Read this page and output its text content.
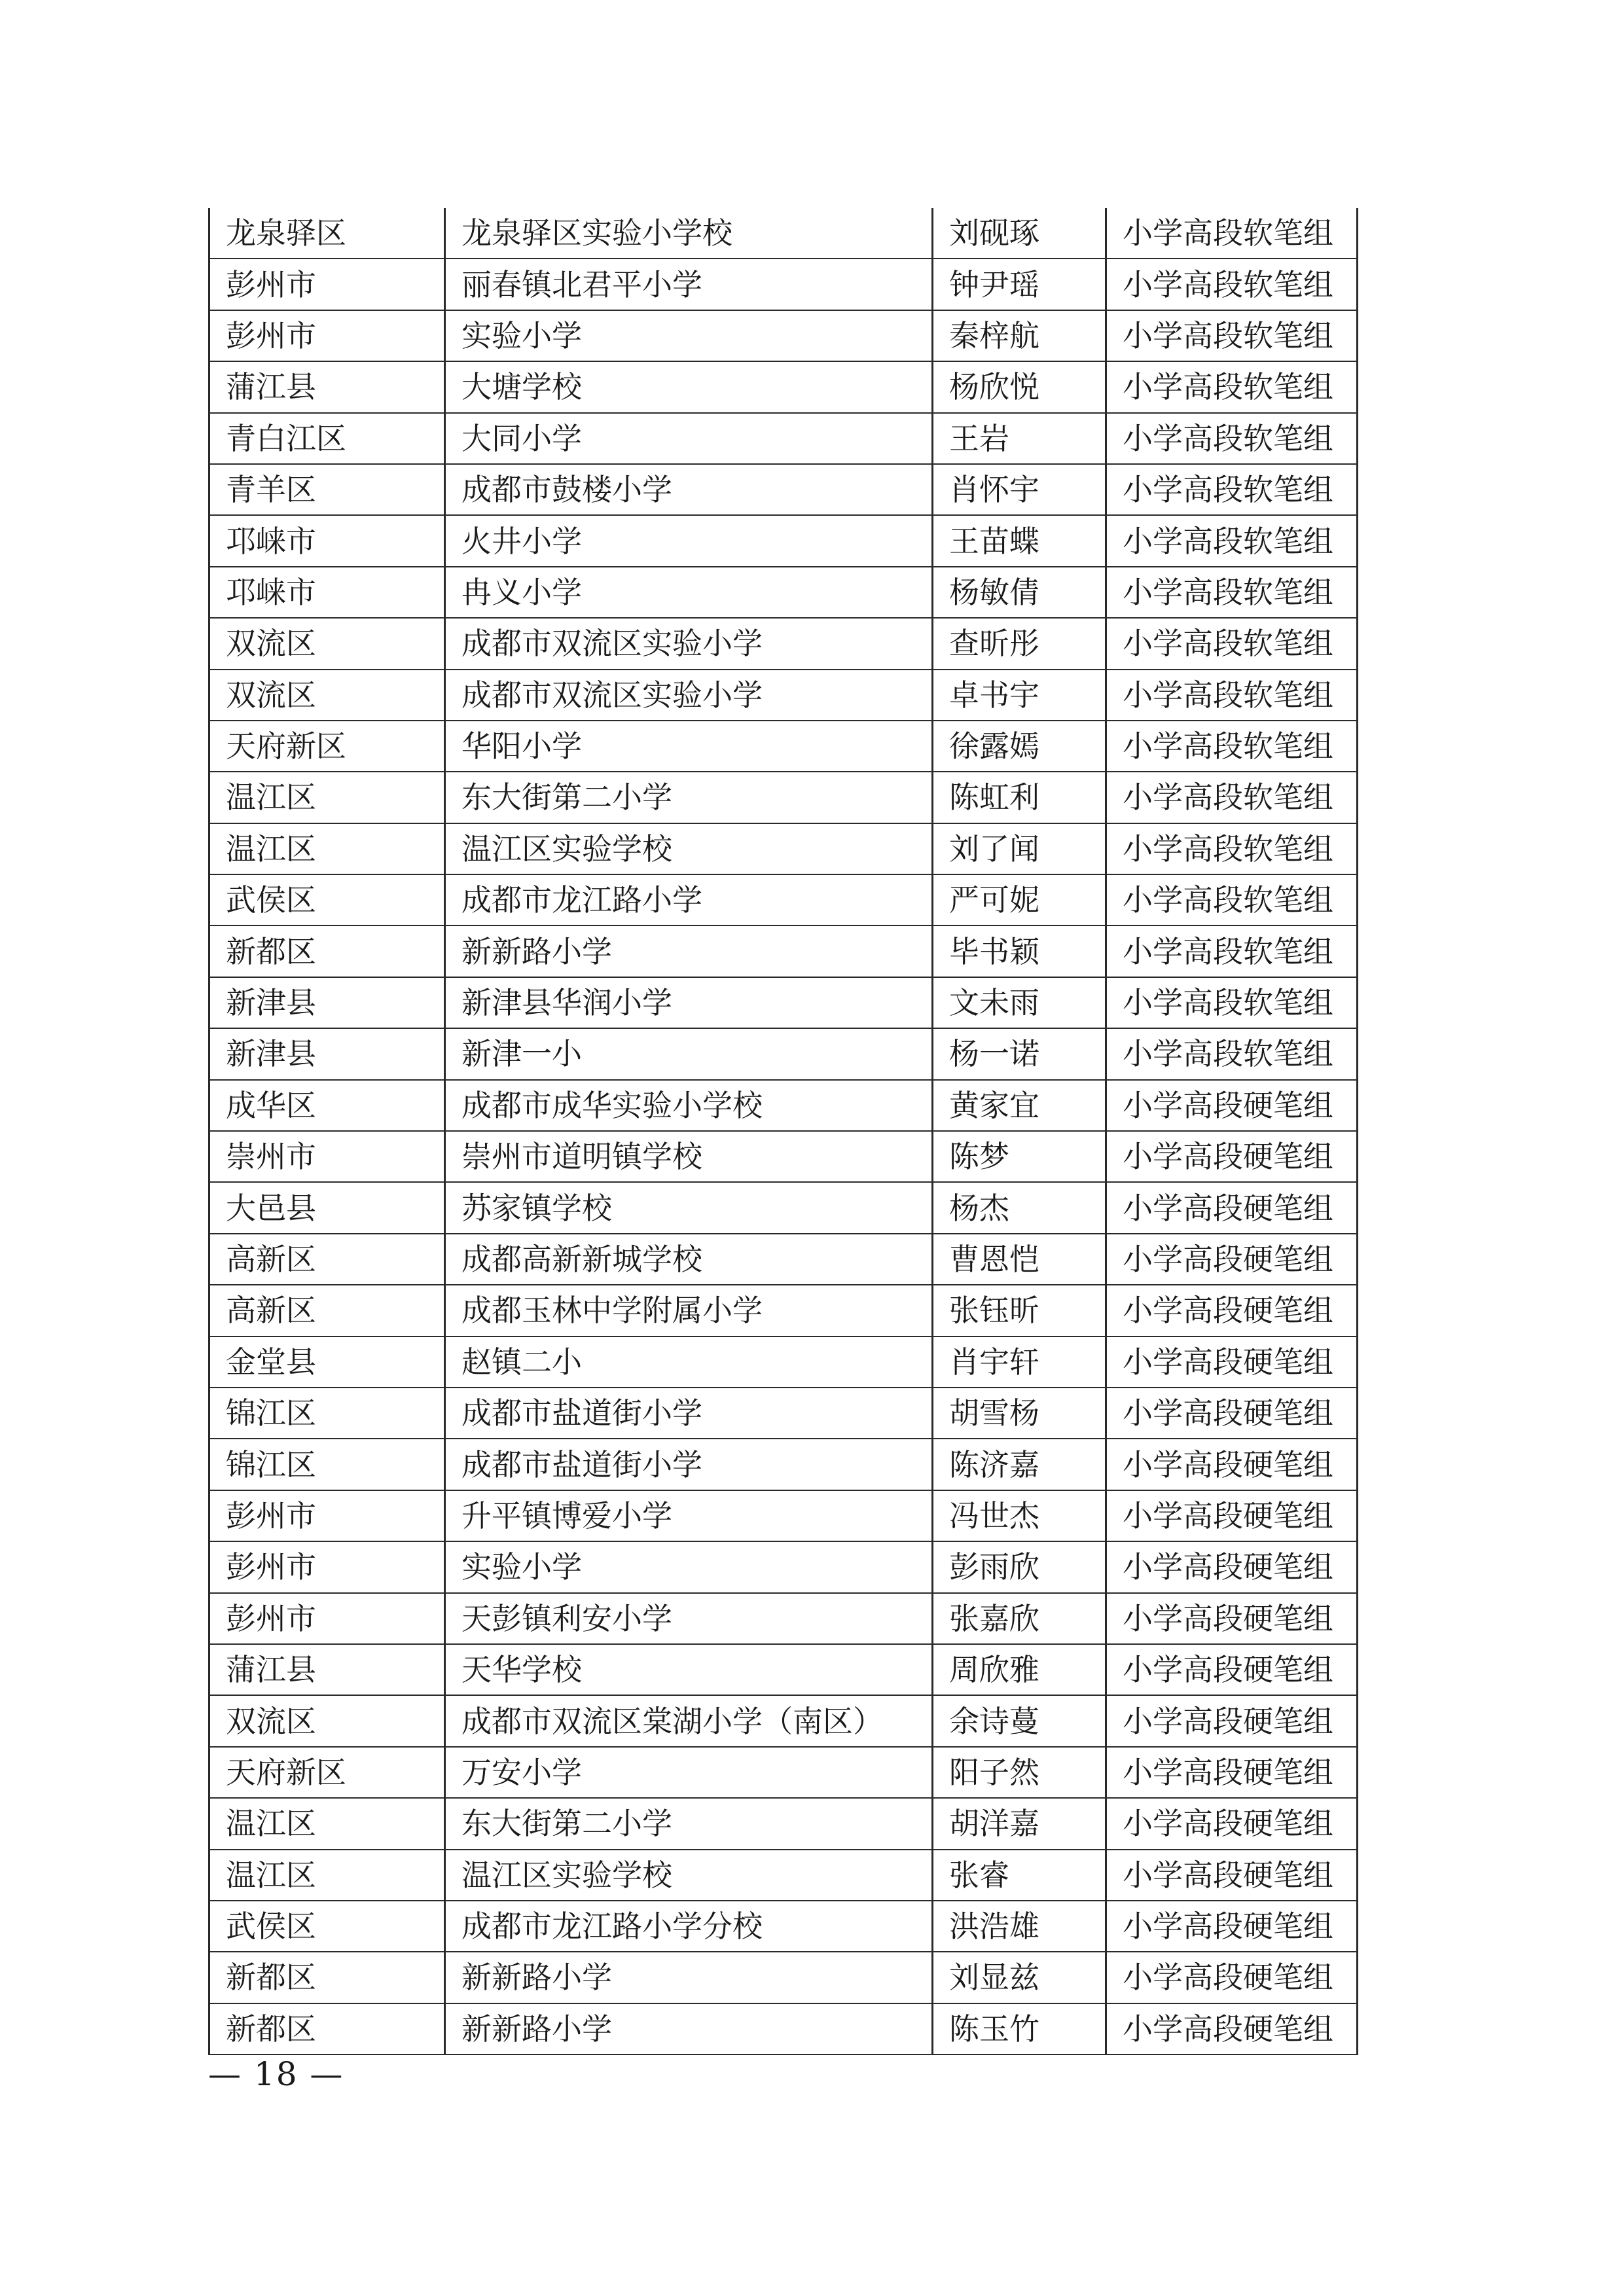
龙泉驿区	龙泉驿区实验小学校	刘砚琢	小学高段软笔组
彭州市	丽春镇北君平小学	钟尹瑶	小学高段软笔组
彭州市	实验小学	秦梓航	小学高段软笔组
蒲江县	大塘学校	杨欣悦	小学高段软笔组
青白江区	大同小学	王岩	小学高段软笔组
青羊区	成都市鼓楼小学	肖怀宇	小学高段软笔组
邛崃市	火井小学	王苗蝶	小学高段软笔组
邛崃市	冉义小学	杨敏倩	小学高段软笔组
双流区	成都市双流区实验小学	查昕彤	小学高段软笔组
双流区	成都市双流区实验小学	卓书宇	小学高段软笔组
天府新区	华阳小学	徐露嫣	小学高段软笔组
温江区	东大街第二小学	陈虹利	小学高段软笔组
温江区	温江区实验学校	刘了闻	小学高段软笔组
武侯区	成都市龙江路小学	严可妮	小学高段软笔组
新都区	新新路小学	毕书颖	小学高段软笔组
新津县	新津县华润小学	文未雨	小学高段软笔组
新津县	新津一小	杨一诺	小学高段软笔组
成华区	成都市成华实验小学校	黄家宜	小学高段硬笔组
崇州市	崇州市道明镇学校	陈梦	小学高段硬笔组
大邑县	苏家镇学校	杨杰	小学高段硬笔组
高新区	成都高新新城学校	曹恩恺	小学高段硬笔组
高新区	成都玉林中学附属小学	张钰昕	小学高段硬笔组
金堂县	赵镇二小	肖宇轩	小学高段硬笔组
锦江区	成都市盐道街小学	胡雪杨	小学高段硬笔组
锦江区	成都市盐道街小学	陈济嘉	小学高段硬笔组
彭州市	升平镇博爱小学	冯世杰	小学高段硬笔组
彭州市	实验小学	彭雨欣	小学高段硬笔组
彭州市	天彭镇利安小学	张嘉欣	小学高段硬笔组
蒲江县	天华学校	周欣雅	小学高段硬笔组
双流区	成都市双流区棠湖小学（南区）	余诗蔓	小学高段硬笔组
天府新区	万安小学	阳子然	小学高段硬笔组
温江区	东大街第二小学	胡洋嘉	小学高段硬笔组
温江区	温江区实验学校	张睿	小学高段硬笔组
武侯区	成都市龙江路小学分校	洪浩雄	小学高段硬笔组
新都区	新新路小学	刘显兹	小学高段硬笔组
新都区	新新路小学	陈玉竹	小学高段硬笔组
— 18 —
